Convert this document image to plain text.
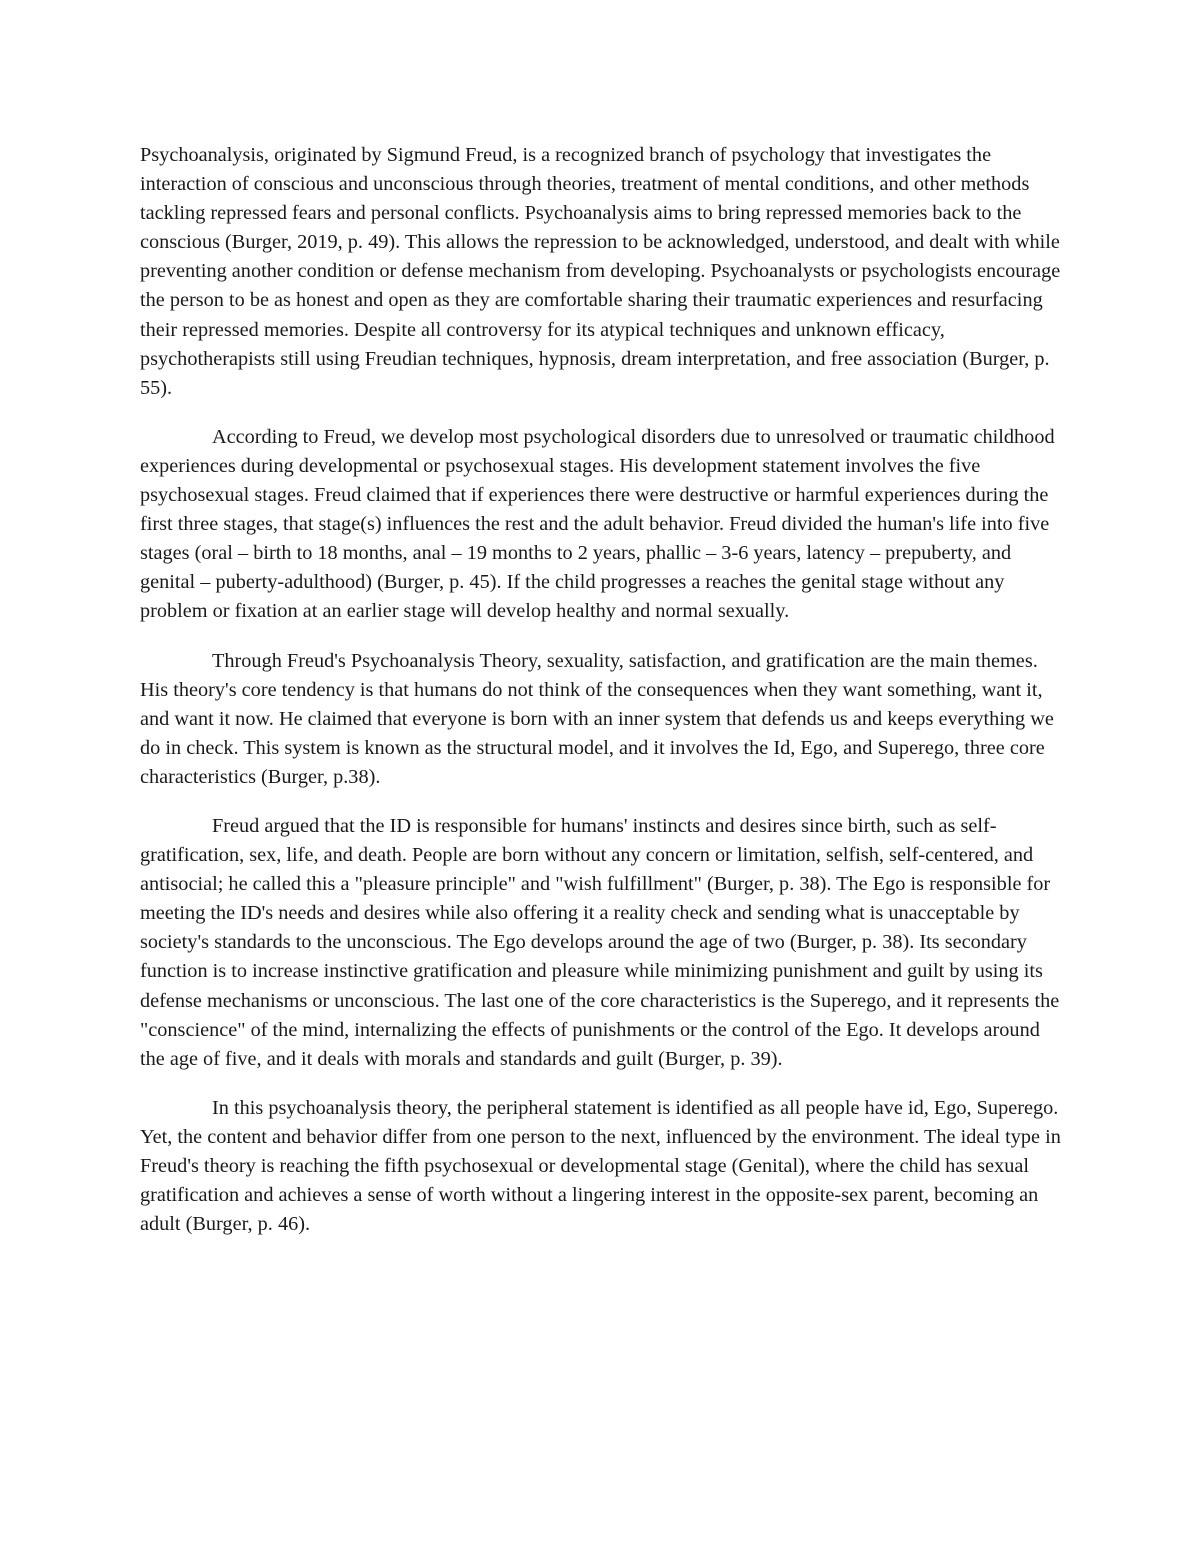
Psychoanalysis, originated by Sigmund Freud, is a recognized branch of psychology that investigates the interaction of conscious and unconscious through theories, treatment of mental conditions, and other methods tackling repressed fears and personal conflicts. Psychoanalysis aims to bring repressed memories back to the conscious (Burger, 2019, p. 49). This allows the repression to be acknowledged, understood, and dealt with while preventing another condition or defense mechanism from developing. Psychoanalysts or psychologists encourage the person to be as honest and open as they are comfortable sharing their traumatic experiences and resurfacing their repressed memories. Despite all controversy for its atypical techniques and unknown efficacy, psychotherapists still using Freudian techniques, hypnosis, dream interpretation, and free association (Burger, p. 55).

According to Freud, we develop most psychological disorders due to unresolved or traumatic childhood experiences during developmental or psychosexual stages. His development statement involves the five psychosexual stages. Freud claimed that if experiences there were destructive or harmful experiences during the first three stages, that stage(s) influences the rest and the adult behavior. Freud divided the human's life into five stages (oral – birth to 18 months, anal – 19 months to 2 years, phallic – 3-6 years, latency – prepuberty, and genital – puberty-adulthood) (Burger, p. 45). If the child progresses a reaches the genital stage without any problem or fixation at an earlier stage will develop healthy and normal sexually.

Through Freud's Psychoanalysis Theory, sexuality, satisfaction, and gratification are the main themes. His theory's core tendency is that humans do not think of the consequences when they want something, want it, and want it now. He claimed that everyone is born with an inner system that defends us and keeps everything we do in check. This system is known as the structural model, and it involves the Id, Ego, and Superego, three core characteristics (Burger, p.38).

Freud argued that the ID is responsible for humans' instincts and desires since birth, such as self-gratification, sex, life, and death. People are born without any concern or limitation, selfish, self-centered, and antisocial; he called this a "pleasure principle" and "wish fulfillment" (Burger, p. 38). The Ego is responsible for meeting the ID's needs and desires while also offering it a reality check and sending what is unacceptable by society's standards to the unconscious. The Ego develops around the age of two (Burger, p. 38). Its secondary function is to increase instinctive gratification and pleasure while minimizing punishment and guilt by using its defense mechanisms or unconscious. The last one of the core characteristics is the Superego, and it represents the "conscience" of the mind, internalizing the effects of punishments or the control of the Ego. It develops around the age of five, and it deals with morals and standards and guilt (Burger, p. 39).

In this psychoanalysis theory, the peripheral statement is identified as all people have id, Ego, Superego. Yet, the content and behavior differ from one person to the next, influenced by the environment. The ideal type in Freud's theory is reaching the fifth psychosexual or developmental stage (Genital), where the child has sexual gratification and achieves a sense of worth without a lingering interest in the opposite-sex parent, becoming an adult (Burger, p. 46).
